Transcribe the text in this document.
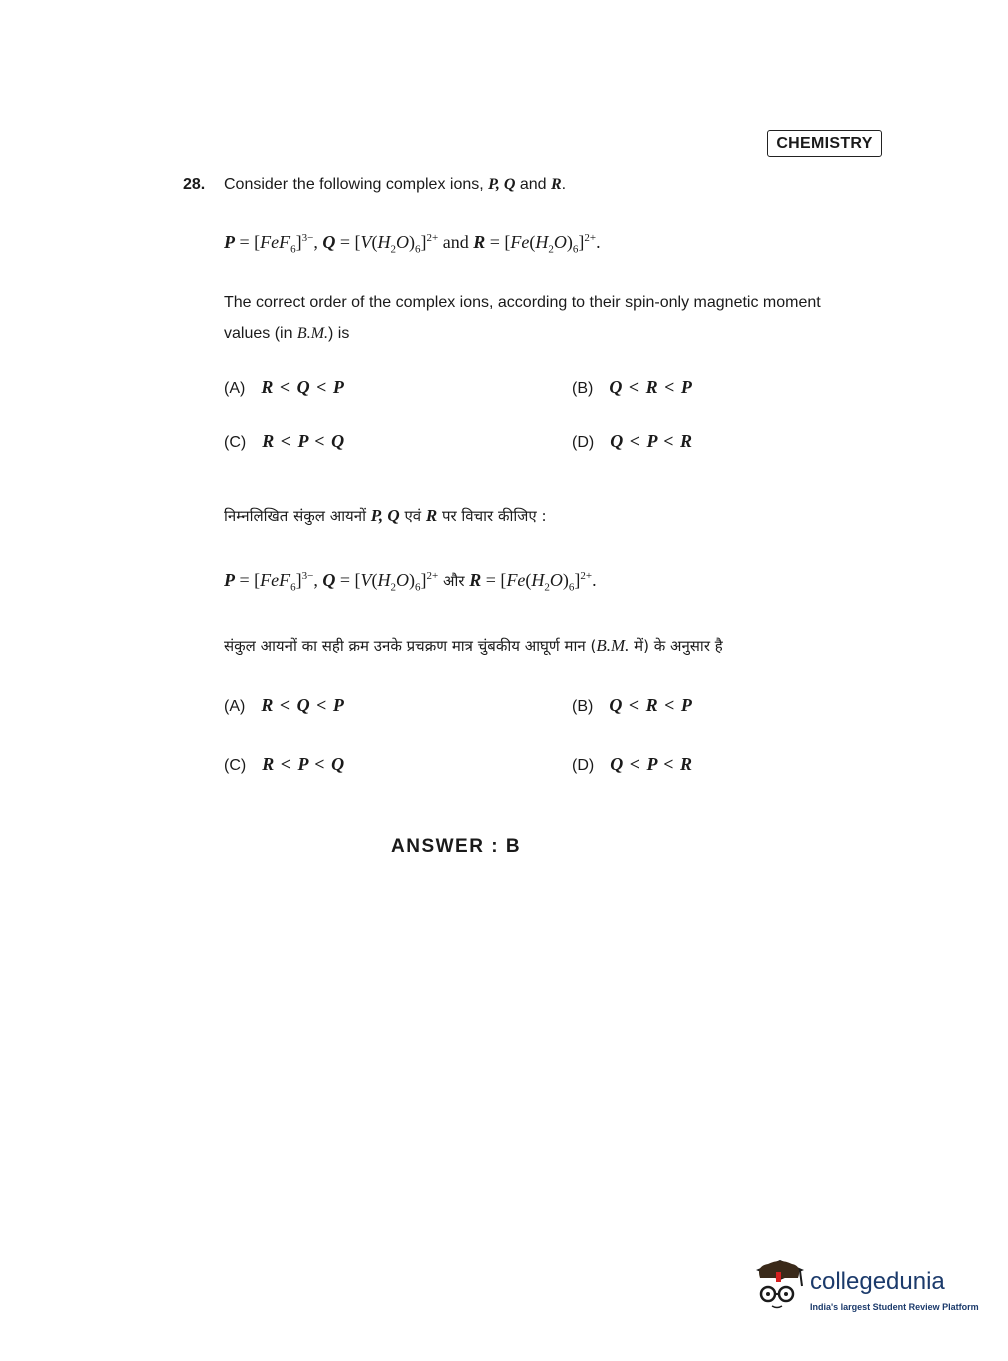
CHEMISTRY
28. Consider the following complex ions, P, Q and R.
$P = [FeF_6]^{3-}$, $Q = [V(H_2O)_6]^{2+}$ and $R = [Fe(H_2O)_6]^{2+}$.
The correct order of the complex ions, according to their spin-only magnetic moment
values (in B.M.) is
(A) R < Q < P	(B) Q < R < P
(C) R < P < Q	(D) Q < P < R
निम्नलिखित संकुल आयनों P, Q एवं R पर विचार कीजिए :
$P = [FeF_6]^{3-}$, $Q = [V(H_2O)_6]^{2+}$ और $R = [Fe(H_2O)_6]^{2+}$.
संकुल आयनों का सही क्रम उनके प्रचक्रण मात्र चुंबकीय आघूर्ण मान (B.M. में) के अनुसार है
(A) R < Q < P	(B) Q < R < P
(C) R < P < Q	(D) Q < P < R
ANSWER : B
collegedunia
India's largest Student Review Platform
